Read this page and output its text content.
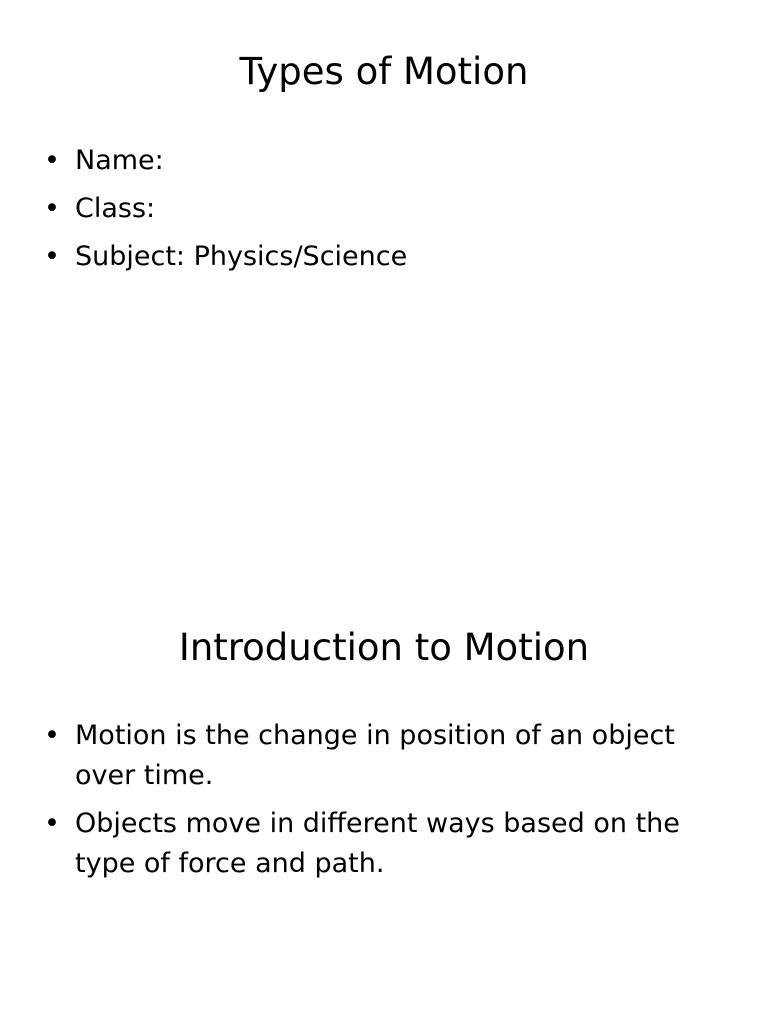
Types of Motion
• Name:
• Class:
• Subject: Physics/Science
Introduction to Motion
• Motion is the change in position of an object over time.
• Objects move in different ways based on the type of force and path.
